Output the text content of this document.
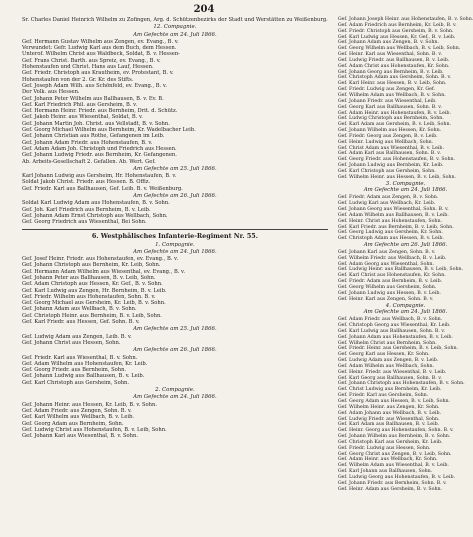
204
Sr. Charles Daniel Heinrich Wilhelm zu Zofingen, Arg. d. Schützenbezirks der Stadt und Werstätten zu Weißenburg.
12. Compagnie.
Am Gefechte am 24. Juli 1866.
Gef. Hermann Gustav Wilhelm aus Zengen, ev. Evang., B. v.
Verwundet: Gefr. Ludwig Karl aus dem Buch, dem Hessen.
Unterof. Wilhelm Christ aus Waldbeck, Soldat, B. v. Hessen-
Gef. Frans Christ. Barth. aus Spreiz, ev. Evang., B. v.
Hohenstaufen und Christ. Hans aus Lauf, Hessen.
Gef. Friedr. Christoph aus Krautheim, ev. Protestant, B. v.
Hohenstaufen von der 2. Gr. Kr. des Stifts.
Gef. Joseph Adam Wilh. aus Schönfeld, ev. Evang., B. v.
Der Volk. aus Hessen.
Gef. Johann Peter Wilhelm aus Ballhausen, B. v. Ev. B.
Gef. Karl Friedrich Phil. aus Gersheim, B. v.
Gef. Hermann Heinr. Friedr. aus Bernheim, Drit. d. Schütz.
Gef. Jakob Heinr. aus Wiesenthal, Soldat, B. v.
Gef. Johann Martin Joh. Christ. aus Vellstadt, B. v. Sohn.
Gef. Georg Michael Wilhelm aus Bernheim, Kr. Wadelbacher Leib.
Gef. Johann Christian aus Rothe, Gefangenen im Leib.
Gef. Johann Adam Friedr. aus Hohenstaufen, B. v.
Gef. Adam Adam Joh. Christoph und Friedrich aus Hessen.
Gef. Johann Ludwig Friedr. aus Bernheim, Kr. Gefangenen.
Ab. Arbeits-Gesellschaft 2. Gefallen. Ab. Wert. Gef.
Am Gefechte am 25. Juli 1866.
Karl Johann Ludwig aus Gersheim, Hr. Hohenstaufen, B. v.
Soldat Jakob Christ. Friedr. aus Hessen. B. Offiz.
Gef. Friedr. Karl aus Ballhausen, Gef. Leib. B. v. Weißenburg.
Am Gefechte am 26. Juli 1866.
Soldat Karl Ludwig Adam aus Hohenstaufen, B. v. Sohn.
Gef. Joh. Karl Friedrich aus Bernheim, B. v. Leib.
Gef. Johann Adam Ernst Christoph aus Wellbach, Sohn.
Gef. Georg Friedrich aus Wiesenthal, Bei Sohn.
6. Westphälisches Infanterie-Regiment Nr. 55.
1. Compagnie.
Am Gefechte am 24. Juli 1866.
Gef. Josef Heinr. Friedr. aus Hohenstaufen, ev. Evang., B. v.
Gef. Johann Christoph aus Bernheim, Kr. Leib, Sohn.
Gef. Hermann Adam Wilhelm aus Wiesenthal, ev. Evang., B. v.
Gef. Johann Peter aus Ballhausen, B. v. Leib, Sohn.
Gef. Adam Christoph aus Hessen, Kr. Gef., B. v. Sohn.
Gef. Karl Ludwig aus Zengen, Hr. Bernheim, B. v. Leib.
Gef. Friedr. Wilhelm aus Hohenstaufen, Sohn. B. v.
Gef. Georg Michael aus Gersheim, Kr. Leib, B. v. Sohn.
Gef. Johann Adam aus Wellbach, B. v. Sohn.
Gef. Christoph Heinr. aus Bernheim, B. v. Leib, Sohn.
Gef. Karl Friedr. aus Hessen, Gef. Sohn. B. v.
Am Gefechte am 25. Juli 1866.
Gef. Ludwig Adam aus Zengen, Leib. B. v.
Gef. Johann Christ aus Hessen, Sohn.
Am Gefechte am 26. Juli 1866.
Gef. Friedr. Karl aus Wiesenthal, B. v. Sohn.
Gef. Adam Wilhelm aus Hohenstaufen, Kr. Leib.
Gef. Georg Friedr. aus Bernheim, Sohn.
Gef. Johann Ludwig aus Ballhausen, B. v. Leib.
Gef. Karl Christoph aus Gersheim, Sohn.
2. Compagnie.
Am Gefechte am 24. Juli 1866.
Gef. Johann Heinr. aus Hessen, Kr. Leib, B. v. Sohn.
Gef. Adam Friedr. aus Zengen, Sohn. B. v.
Gef. Karl Wilhelm aus Wellbach, B. v. Leib.
Gef. Georg Adam aus Bernheim, Sohn.
Gef. Ludwig Christ aus Hohenstaufen, B. v. Leib, Sohn.
Gef. Johann Karl aus Wiesenthal, B. v. Sohn.
Gef. Johann Joseph Heinr. aus Hohenstaufen, B. v. Sohn.
Gef. Adam Friedrich aus Bernheim, Kr. Leib, B. v.
Gef. Friedr. Christoph aus Gersheim, B. v. Sohn.
Gef. Karl Ludwig aus Hessen, Kr. Gef., B. v. Leib.
Gef. Johann Adam aus Zengen, B. v. Sohn.
Gef. Georg Wilhelm aus Wellbach, B. v. Leib, Sohn.
Gef. Heinr. Karl aus Wiesenthal, Sohn. B. v.
Gef. Ludwig Friedr. aus Ballhausen, B. v. Leib.
Gef. Adam Christ aus Hohenstaufen, Kr. Sohn.
Gef. Johann Georg aus Bernheim, B. v. Leib.
Gef. Christoph Adam aus Gersheim, Sohn. B. v.
Gef. Karl Heinr. aus Hessen, B. v. Leib, Sohn.
Gef. Friedr. Ludwig aus Zengen, Kr. Gef.
Gef. Wilhelm Adam aus Wellbach, B. v. Sohn.
Gef. Johann Friedr. aus Wiesenthal, Leib.
Gef. Georg Karl aus Ballhausen, Sohn. B. v.
Gef. Adam Heinr. aus Hohenstaufen, B. v. Leib.
Gef. Ludwig Christoph aus Bernheim, Sohn.
Gef. Karl Adam aus Gersheim, B. v. Leib, Sohn.
Gef. Johann Wilhelm aus Hessen, Kr. Sohn.
Gef. Friedr. Georg aus Zengen, B. v. Leib.
Gef. Heinr. Ludwig aus Wellbach, Sohn.
Gef. Christ Adam aus Wiesenthal, B. v. Leib.
Gef. Adam Karl aus Ballhausen, Sohn. B. v.
Gef. Georg Friedr. aus Hohenstaufen, B. v. Sohn.
Gef. Johann Ludwig aus Bernheim, Kr. Leib.
Gef. Karl Christoph aus Gersheim, Sohn.
Gef. Wilhelm Heinr. aus Hessen, B. v. Leib, Sohn.
3. Compagnie.
Am Gefechte am 24. Juli 1866.
Gef. Friedr. Adam aus Zengen, B. v. Sohn.
Gef. Ludwig Karl aus Wellbach, Kr. Leib.
Gef. Johann Georg aus Wiesenthal, Sohn. B. v.
Gef. Adam Wilhelm aus Ballhausen, B. v. Leib.
Gef. Heinr. Christ aus Hohenstaufen, Sohn.
Gef. Karl Friedr. aus Bernheim, B. v. Leib, Sohn.
Gef. Georg Ludwig aus Gersheim, Kr. Sohn.
Gef. Christoph Adam aus Hessen, B. v. Leib.
Am Gefechte am 26. Juli 1866.
Gef. Johann Karl aus Zengen, Sohn. B. v.
Gef. Wilhelm Friedr. aus Wellbach, B. v. Leib.
Gef. Adam Georg aus Wiesenthal, Sohn.
Gef. Ludwig Heinr. aus Ballhausen, B. v. Leib, Sohn.
Gef. Karl Christ aus Hohenstaufen, Kr. Sohn.
Gef. Friedr. Adam aus Bernheim, B. v. Leib.
Gef. Georg Wilhelm aus Gersheim, Sohn.
Gef. Johann Ludwig aus Hessen, B. v. Leib.
Gef. Heinr. Karl aus Zengen, Sohn. B. v.
4. Compagnie.
Am Gefechte am 24. Juli 1866.
Gef. Adam Friedr. aus Wellbach, B. v. Sohn.
Gef. Christoph Georg aus Wiesenthal, Kr. Leib.
Gef. Karl Ludwig aus Ballhausen, Sohn. B. v.
Gef. Johann Adam aus Hohenstaufen, B. v. Leib.
Gef. Wilhelm Christ aus Bernheim, Sohn.
Gef. Friedr. Heinr. aus Gersheim, B. v. Leib, Sohn.
Gef. Georg Karl aus Hessen, Kr. Sohn.
Gef. Ludwig Adam aus Zengen, B. v. Leib.
Gef. Adam Wilhelm aus Wellbach, Sohn.
Gef. Heinr. Friedr. aus Wiesenthal, B. v. Leib.
Gef. Karl Georg aus Ballhausen, Sohn. B. v.
Gef. Johann Christoph aus Hohenstaufen, B. v. Sohn.
Gef. Christ Ludwig aus Bernheim, Kr. Leib.
Gef. Friedr. Karl aus Gersheim, Sohn.
Gef. Georg Adam aus Hessen, B. v. Leib, Sohn.
Gef. Wilhelm Heinr. aus Zengen, Kr. Sohn.
Gef. Adam Johann aus Wellbach, B. v. Leib.
Gef. Ludwig Friedr. aus Wiesenthal, Sohn.
Gef. Karl Adam aus Ballhausen, B. v. Leib.
Gef. Heinr. Georg aus Hohenstaufen, Sohn. B. v.
Gef. Johann Wilhelm aus Bernheim, B. v. Sohn.
Gef. Christoph Karl aus Gersheim, Kr. Leib.
Gef. Friedr. Ludwig aus Hessen, Sohn.
Gef. Georg Christ aus Zengen, B. v. Leib, Sohn.
Gef. Adam Heinr. aus Wellbach, Kr. Sohn.
Gef. Wilhelm Adam aus Wiesenthal, B. v. Leib.
Gef. Karl Johann aus Ballhausen, Sohn.
Gef. Ludwig Georg aus Hohenstaufen, B. v. Leib.
Gef. Johann Friedr. aus Bernheim, Sohn. B. v.
Gef. Heinr. Adam aus Gersheim, B. v. Sohn.
